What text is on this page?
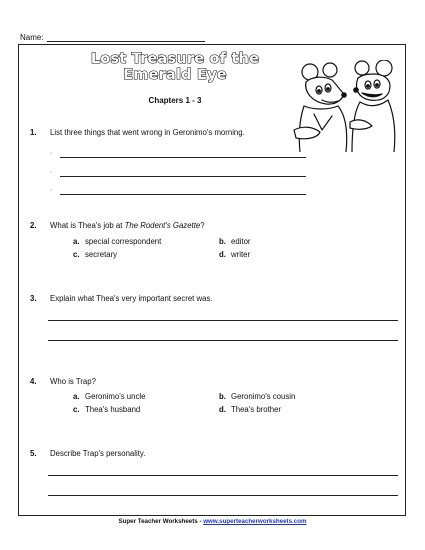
Name:
Lost Treasure of the
Emerald Eye
Chapters 1 - 3
1. List three things that went wrong in Geronimo's morning.
◦
◦
◦
2. What is Thea's job at The Rodent's Gazette?
a. special correspondent	b. editor
c. secretary	d. writer
3. Explain what Thea's very important secret was.
4. Who is Trap?
a. Geronimo's uncle	b. Geronimo's cousin
c. Thea's husband	d. Thea's brother
5. Describe Trap's personality.
Super Teacher Worksheets - www.superteacherworksheets.com
